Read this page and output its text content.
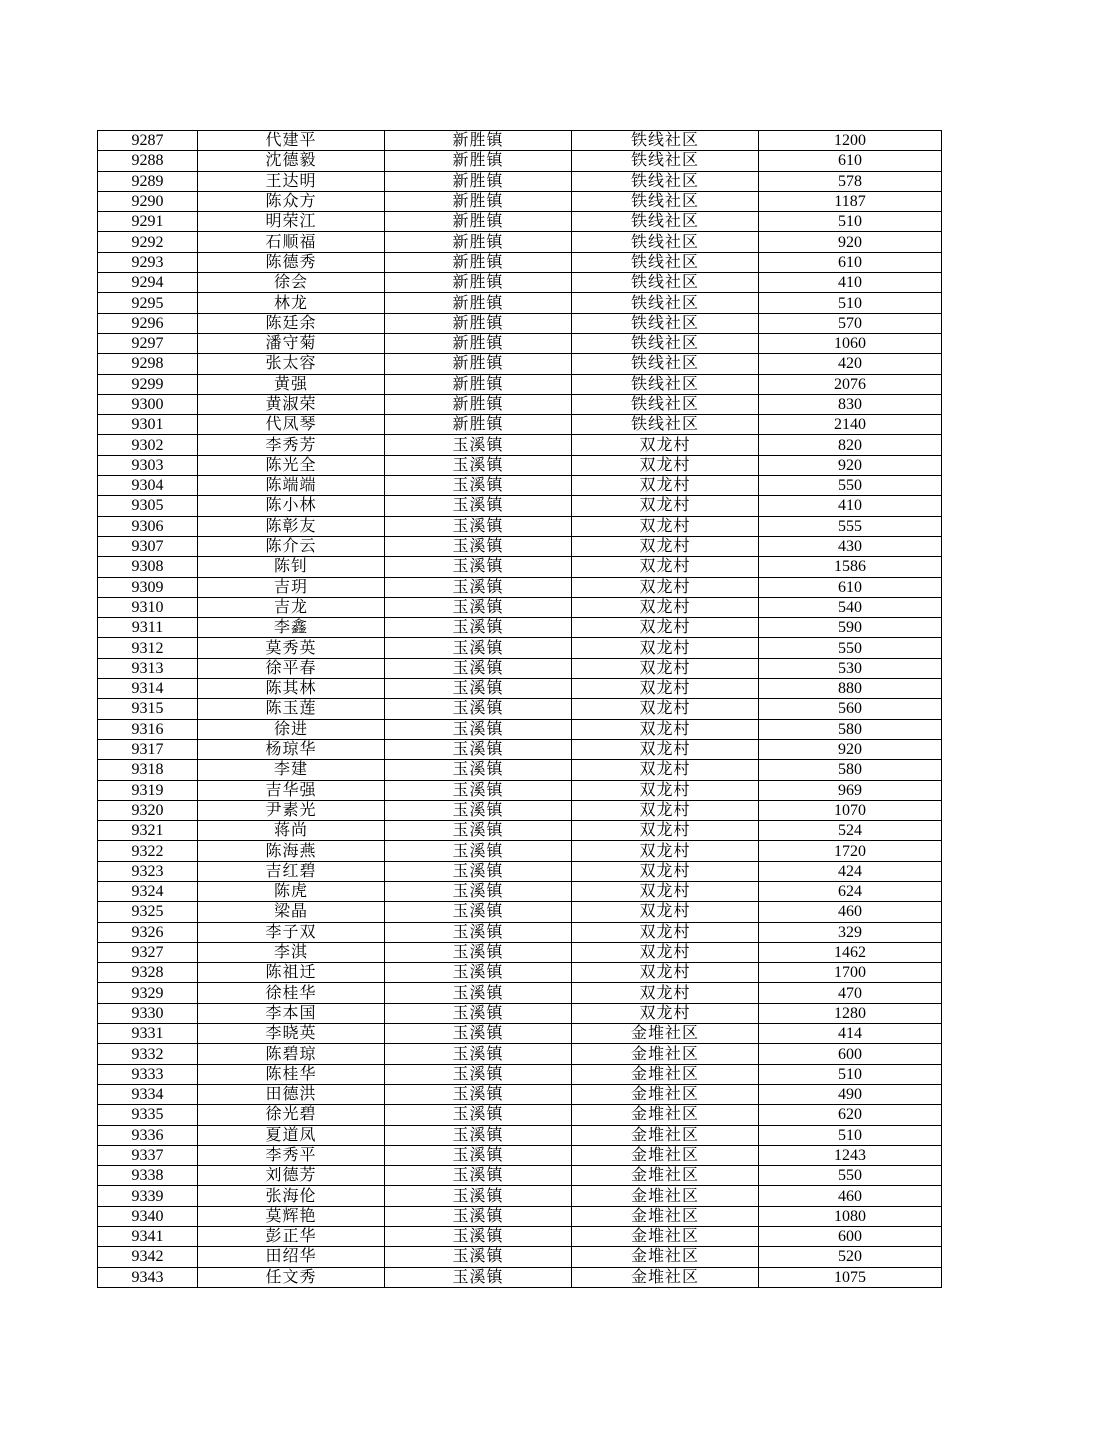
9287	代建平	新胜镇	铁线社区	1200
9288	沈德毅	新胜镇	铁线社区	610
9289	王达明	新胜镇	铁线社区	578
9290	陈众方	新胜镇	铁线社区	1187
9291	明荣江	新胜镇	铁线社区	510
9292	石顺福	新胜镇	铁线社区	920
9293	陈德秀	新胜镇	铁线社区	610
9294	徐会	新胜镇	铁线社区	410
9295	林龙	新胜镇	铁线社区	510
9296	陈廷余	新胜镇	铁线社区	570
9297	潘守菊	新胜镇	铁线社区	1060
9298	张太容	新胜镇	铁线社区	420
9299	黄强	新胜镇	铁线社区	2076
9300	黄淑荣	新胜镇	铁线社区	830
9301	代凤琴	新胜镇	铁线社区	2140
9302	李秀芳	玉溪镇	双龙村	820
9303	陈光全	玉溪镇	双龙村	920
9304	陈端端	玉溪镇	双龙村	550
9305	陈小林	玉溪镇	双龙村	410
9306	陈彰友	玉溪镇	双龙村	555
9307	陈介云	玉溪镇	双龙村	430
9308	陈钊	玉溪镇	双龙村	1586
9309	吉玥	玉溪镇	双龙村	610
9310	吉龙	玉溪镇	双龙村	540
9311	李鑫	玉溪镇	双龙村	590
9312	莫秀英	玉溪镇	双龙村	550
9313	徐平春	玉溪镇	双龙村	530
9314	陈其林	玉溪镇	双龙村	880
9315	陈玉莲	玉溪镇	双龙村	560
9316	徐进	玉溪镇	双龙村	580
9317	杨琼华	玉溪镇	双龙村	920
9318	李建	玉溪镇	双龙村	580
9319	吉华强	玉溪镇	双龙村	969
9320	尹素光	玉溪镇	双龙村	1070
9321	蒋尚	玉溪镇	双龙村	524
9322	陈海燕	玉溪镇	双龙村	1720
9323	吉红碧	玉溪镇	双龙村	424
9324	陈虎	玉溪镇	双龙村	624
9325	梁晶	玉溪镇	双龙村	460
9326	李子双	玉溪镇	双龙村	329
9327	李淇	玉溪镇	双龙村	1462
9328	陈祖迁	玉溪镇	双龙村	1700
9329	徐桂华	玉溪镇	双龙村	470
9330	李本国	玉溪镇	双龙村	1280
9331	李晓英	玉溪镇	金堆社区	414
9332	陈碧琼	玉溪镇	金堆社区	600
9333	陈桂华	玉溪镇	金堆社区	510
9334	田德洪	玉溪镇	金堆社区	490
9335	徐光碧	玉溪镇	金堆社区	620
9336	夏道凤	玉溪镇	金堆社区	510
9337	李秀平	玉溪镇	金堆社区	1243
9338	刘德芳	玉溪镇	金堆社区	550
9339	张海伦	玉溪镇	金堆社区	460
9340	莫辉艳	玉溪镇	金堆社区	1080
9341	彭正华	玉溪镇	金堆社区	600
9342	田绍华	玉溪镇	金堆社区	520
9343	任文秀	玉溪镇	金堆社区	1075
